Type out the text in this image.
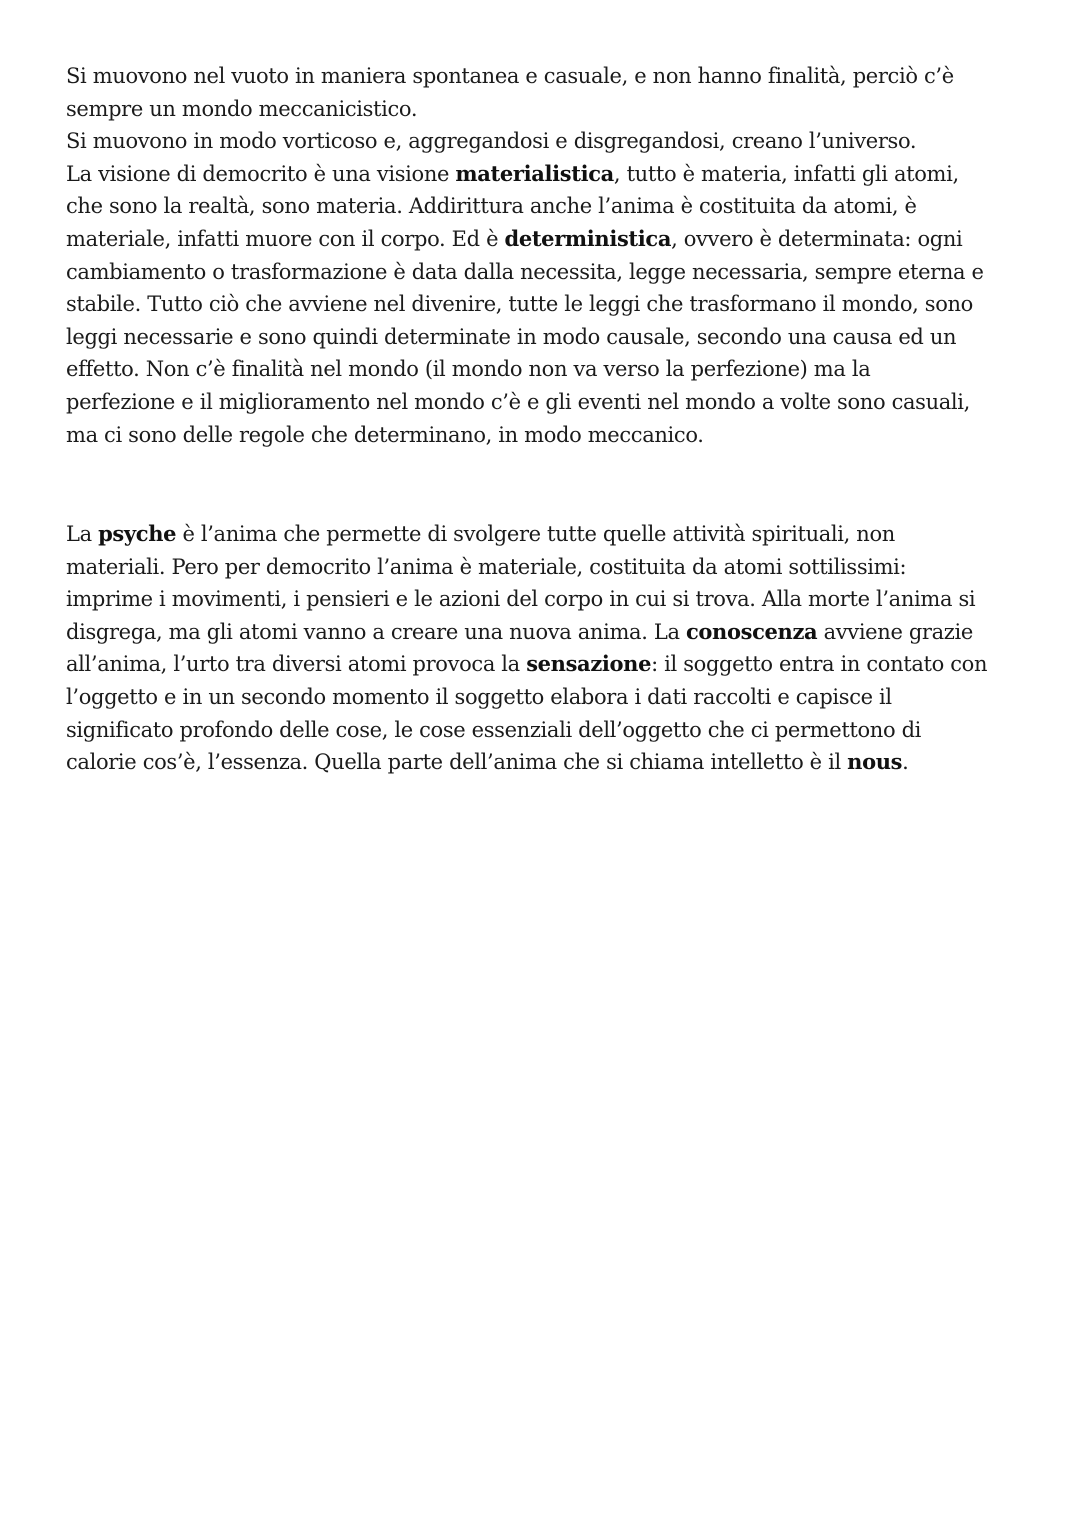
Si muovono nel vuoto in maniera spontanea e casuale, e non hanno finalità, perciò c’è
sempre un mondo meccanicistico.
Si muovono in modo vorticoso e, aggregandosi e disgregandosi, creano l’universo.
La visione di democrito è una visione materialistica, tutto è materia, infatti gli atomi,
che sono la realtà, sono materia. Addirittura anche l’anima è costituita da atomi, è
materiale, infatti muore con il corpo. Ed è deterministica, ovvero è determinata: ogni
cambiamento o trasformazione è data dalla necessita, legge necessaria, sempre eterna e
stabile. Tutto ciò che avviene nel divenire, tutte le leggi che trasformano il mondo, sono
leggi necessarie e sono quindi determinate in modo causale, secondo una causa ed un
effetto. Non c’è finalità nel mondo (il mondo non va verso la perfezione) ma la
perfezione e il miglioramento nel mondo c’è e gli eventi nel mondo a volte sono casuali,
ma ci sono delle regole che determinano, in modo meccanico.
La psyche è l’anima che permette di svolgere tutte quelle attività spirituali, non
materiali. Pero per democrito l’anima è materiale, costituita da atomi sottilissimi:
imprime i movimenti, i pensieri e le azioni del corpo in cui si trova. Alla morte l’anima si
disgrega, ma gli atomi vanno a creare una nuova anima. La conoscenza avviene grazie
all’anima, l’urto tra diversi atomi provoca la sensazione: il soggetto entra in contato con
l’oggetto e in un secondo momento il soggetto elabora i dati raccolti e capisce il
significato profondo delle cose, le cose essenziali dell’oggetto che ci permettono di
calorie cos’è, l’essenza. Quella parte dell’anima che si chiama intelletto è il nous.
